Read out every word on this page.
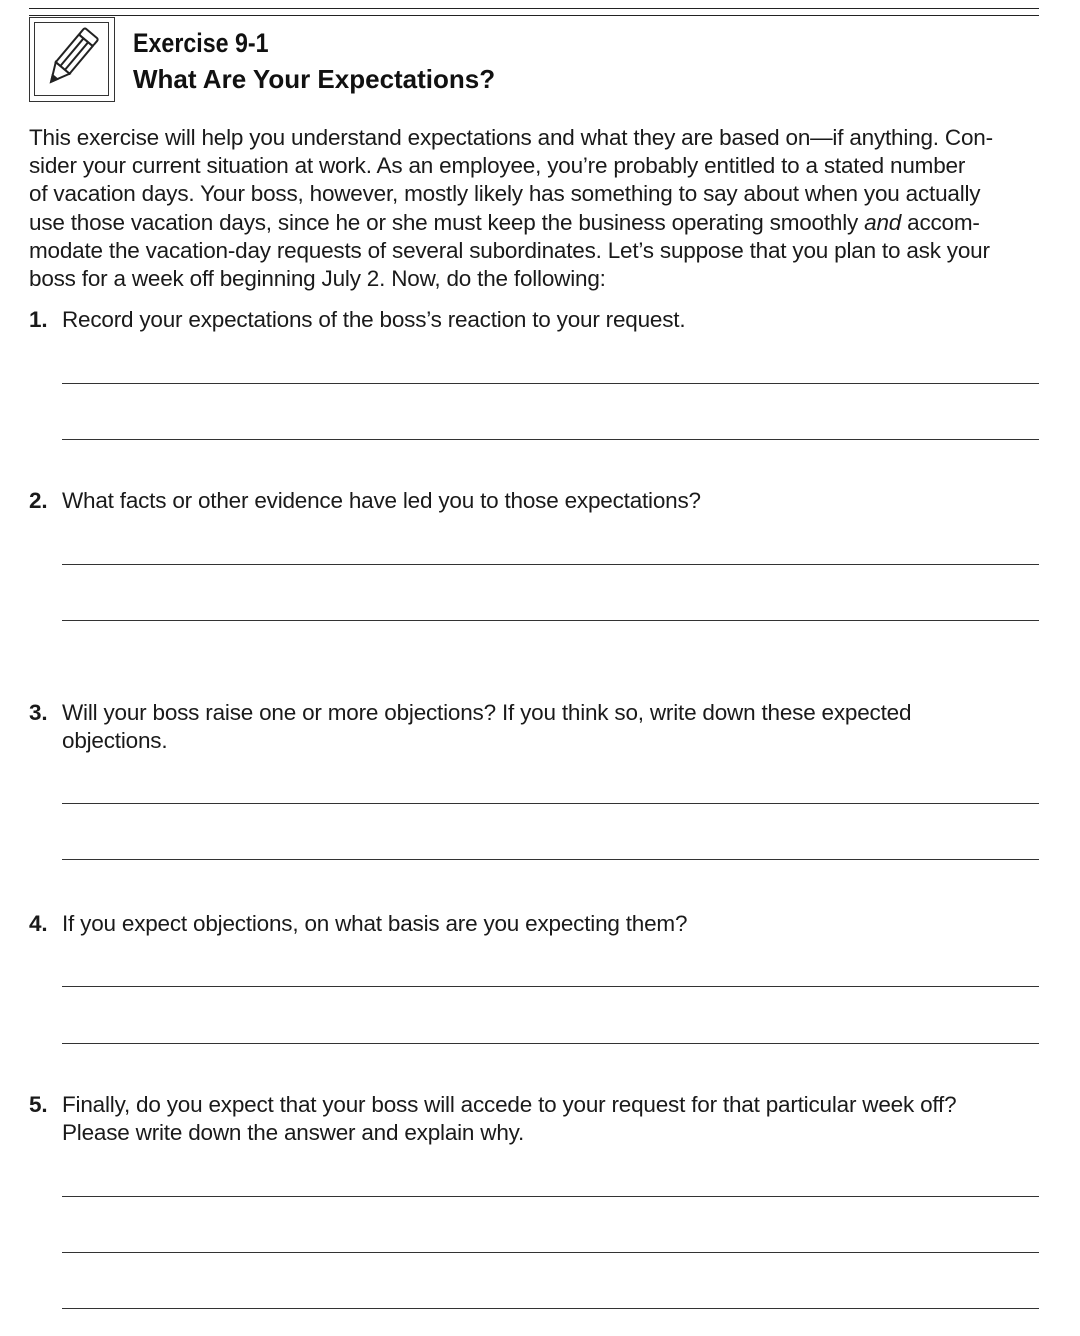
Exercise 9-1
What Are Your Expectations?
This exercise will help you understand expectations and what they are based on—if anything. Con-
sider your current situation at work. As an employee, you’re probably entitled to a stated number
of vacation days. Your boss, however, mostly likely has something to say about when you actually
use those vacation days, since he or she must keep the business operating smoothly and accom-
modate the vacation-day requests of several subordinates. Let’s suppose that you plan to ask your
boss for a week off beginning July 2. Now, do the following:
1. Record your expectations of the boss’s reaction to your request.
2. What facts or other evidence have led you to those expectations?
3. Will your boss raise one or more objections? If you think so, write down these expected
objections.
4. If you expect objections, on what basis are you expecting them?
5. Finally, do you expect that your boss will accede to your request for that particular week off?
Please write down the answer and explain why.
